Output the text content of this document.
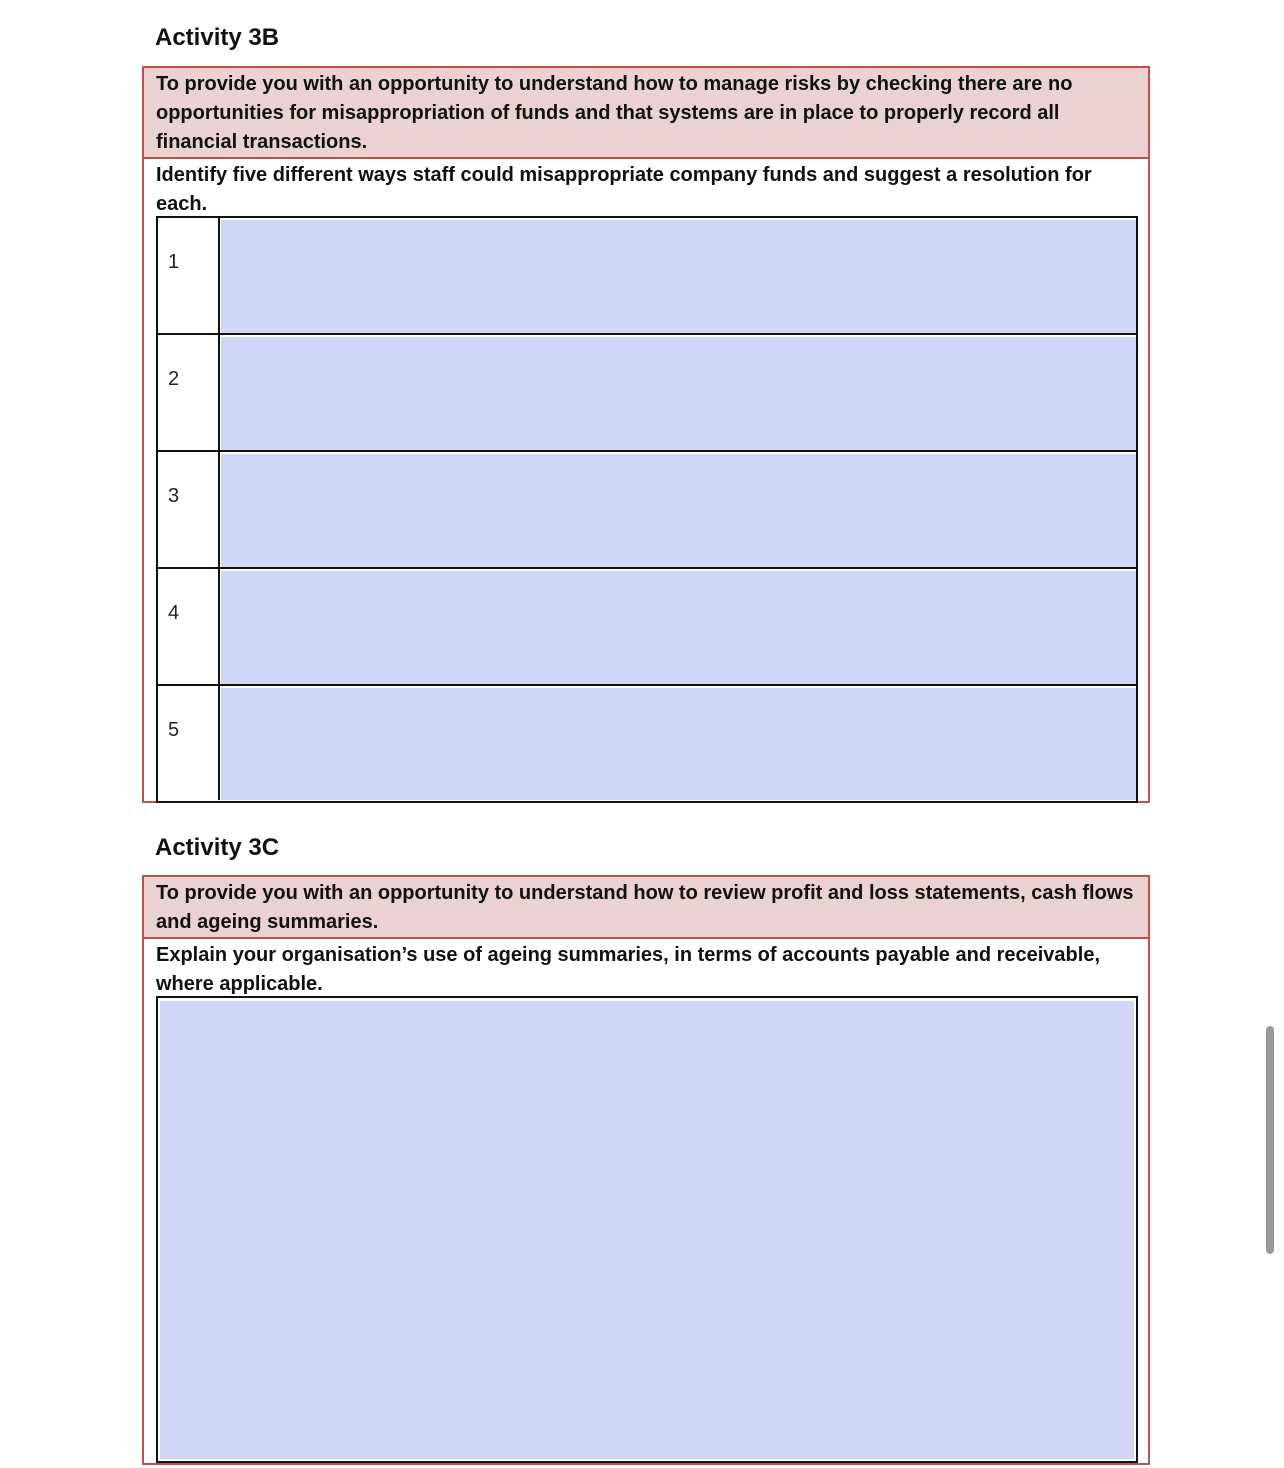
Activity 3B
To provide you with an opportunity to understand how to manage risks by checking there are no opportunities for misappropriation of funds and that systems are in place to properly record all financial transactions.
Identify five different ways staff could misappropriate company funds and suggest a resolution for each.
1
2
3
4
5
Activity 3C
To provide you with an opportunity to understand how to review profit and loss statements, cash flows and ageing summaries.
Explain your organisation’s use of ageing summaries, in terms of accounts payable and receivable, where applicable.
